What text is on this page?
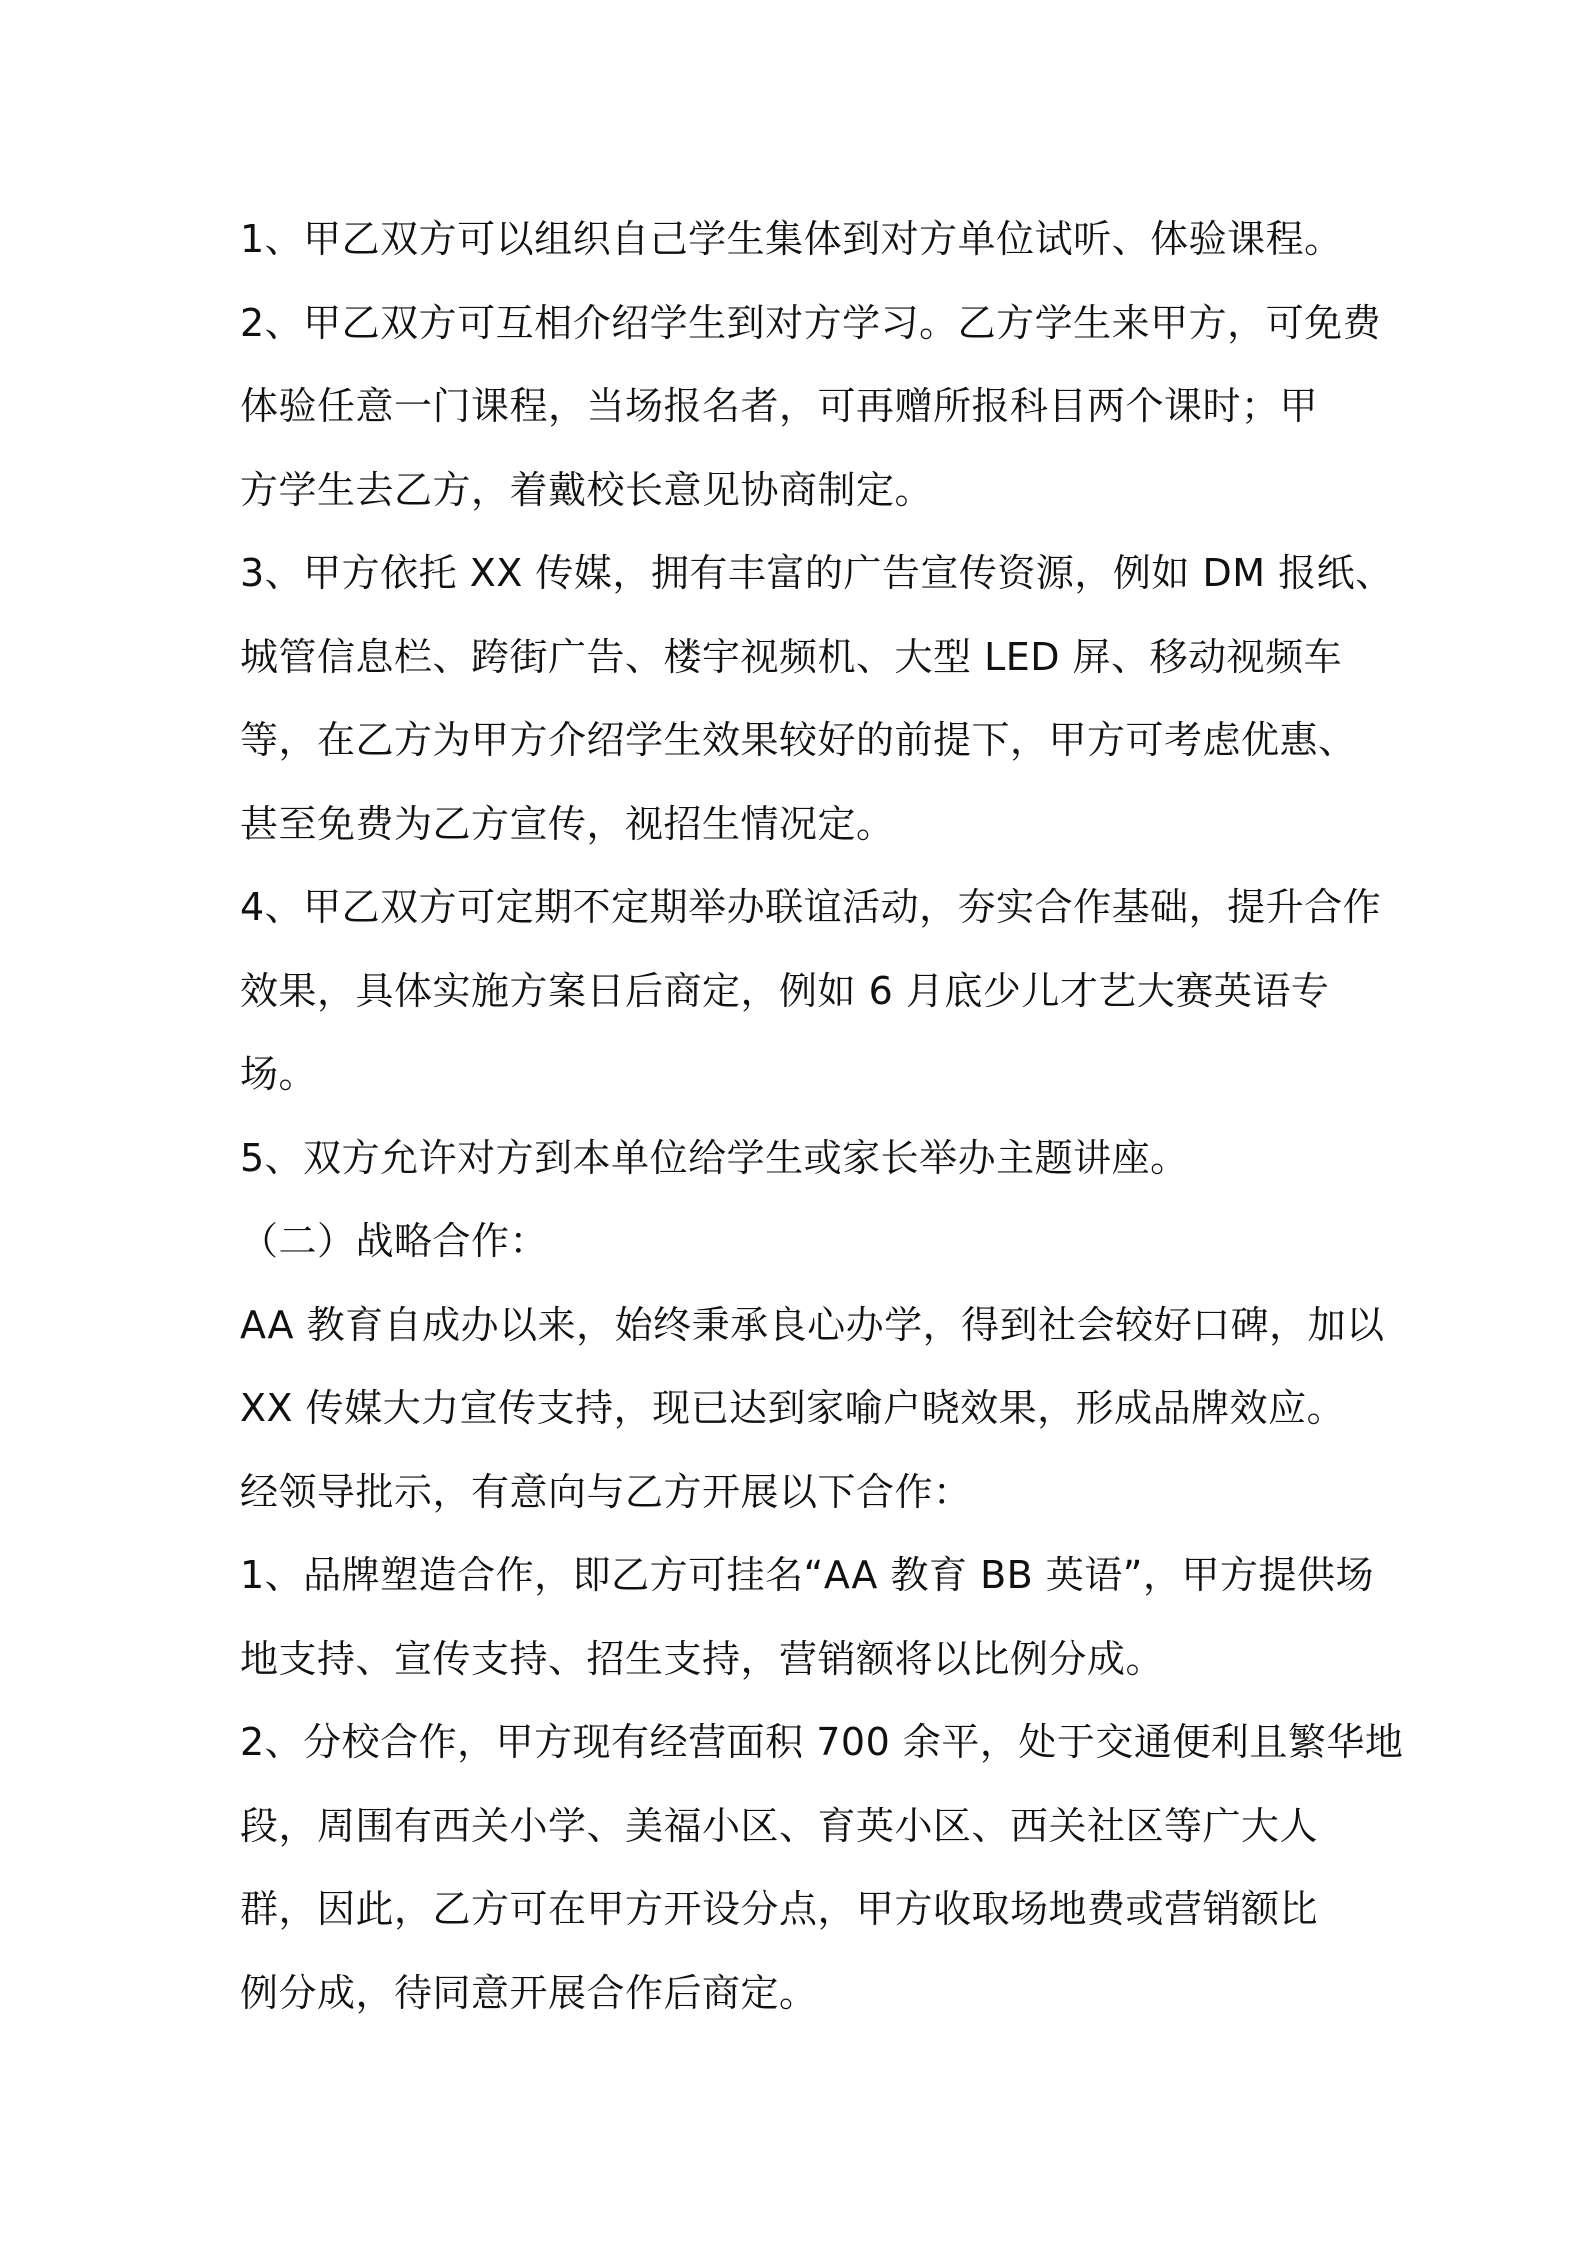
1、甲乙双方可以组织自己学生集体到对方单位试听、体验课程。
2、甲乙双方可互相介绍学生到对方学习。乙方学生来甲方，可免费
体验任意一门课程，当场报名者，可再赠所报科目两个课时；甲
方学生去乙方，着戴校长意见协商制定。
3、甲方依托 XX 传媒，拥有丰富的广告宣传资源，例如 DM 报纸、
城管信息栏、跨街广告、楼宇视频机、大型 LED 屏、移动视频车
等，在乙方为甲方介绍学生效果较好的前提下，甲方可考虑优惠、
甚至免费为乙方宣传，视招生情况定。
4、甲乙双方可定期不定期举办联谊活动，夯实合作基础，提升合作
效果，具体实施方案日后商定，例如 6 月底少儿才艺大赛英语专
场。
5、双方允许对方到本单位给学生或家长举办主题讲座。
（二）战略合作：
AA 教育自成办以来，始终秉承良心办学，得到社会较好口碑，加以
XX 传媒大力宣传支持，现已达到家喻户晓效果，形成品牌效应。
经领导批示，有意向与乙方开展以下合作：
1、品牌塑造合作，即乙方可挂名“AA 教育 BB 英语”，甲方提供场
地支持、宣传支持、招生支持，营销额将以比例分成。
2、分校合作，甲方现有经营面积 700 余平，处于交通便利且繁华地
段，周围有西关小学、美福小区、育英小区、西关社区等广大人
群，因此，乙方可在甲方开设分点，甲方收取场地费或营销额比
例分成，待同意开展合作后商定。
